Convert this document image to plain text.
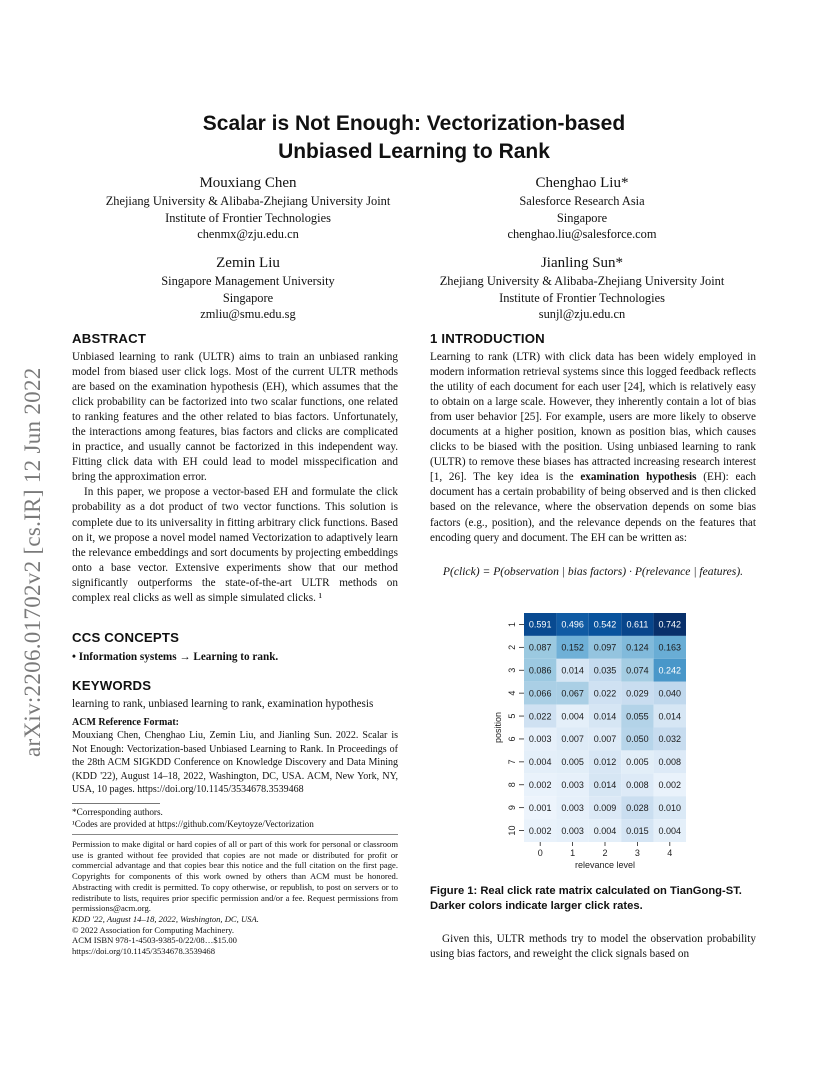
arXiv:2206.01702v2 [cs.IR] 12 Jun 2022
Scalar is Not Enough: Vectorization-based
Unbiased Learning to Rank
Mouxiang Chen
Zhejiang University & Alibaba-Zhejiang University Joint
Institute of Frontier Technologies
chenmx@zju.edu.cn
Chenghao Liu*
Salesforce Research Asia
Singapore
chenghao.liu@salesforce.com
Zemin Liu
Singapore Management University
Singapore
zmliu@smu.edu.sg
Jianling Sun*
Zhejiang University & Alibaba-Zhejiang University Joint
Institute of Frontier Technologies
sunjl@zju.edu.cn
ABSTRACT

Unbiased learning to rank (ULTR) aims to train an unbiased ranking model from biased user click logs. Most of the current ULTR methods are based on the examination hypothesis (EH), which assumes that the click probability can be factorized into two scalar functions, one related to ranking features and the other related to bias factors. Unfortunately, the interactions among features, bias factors and clicks are complicated in practice, and usually cannot be factorized in this independent way. Fitting click data with EH could lead to model misspecification and bring the approximation error.

In this paper, we propose a vector-based EH and formulate the click probability as a dot product of two vector functions. This solution is complete due to its universality in fitting arbitrary click functions. Based on it, we propose a novel model named Vectorization to adaptively learn the relevance embeddings and sort documents by projecting embeddings onto a base vector. Extensive experiments show that our method significantly outperforms the state-of-the-art ULTR methods on complex real clicks as well as simple simulated clicks. ¹

CCS CONCEPTS
• Information systems → Learning to rank.
KEYWORDS
learning to rank, unbiased learning to rank, examination hypothesis
ACM Reference Format:
Mouxiang Chen, Chenghao Liu, Zemin Liu, and Jianling Sun. 2022. Scalar is Not Enough: Vectorization-based Unbiased Learning to Rank. In Proceedings of the 28th ACM SIGKDD Conference on Knowledge Discovery and Data Mining (KDD '22), August 14–18, 2022, Washington, DC, USA. ACM, New York, NY, USA, 10 pages. https://doi.org/10.1145/3534678.3539468
*Corresponding authors.
¹Codes are provided at https://github.com/Keytoyze/Vectorization
Permission to make digital or hard copies of all or part of this work for personal or classroom use is granted without fee provided that copies are not made or distributed for profit or commercial advantage and that copies bear this notice and the full citation on the first page. Copyrights for components of this work owned by others than ACM must be honored. Abstracting with credit is permitted. To copy otherwise, or republish, to post on servers or to redistribute to lists, requires prior specific permission and/or a fee. Request permissions from permissions@acm.org.
KDD '22, August 14–18, 2022, Washington, DC, USA.
© 2022 Association for Computing Machinery.
ACM ISBN 978-1-4503-9385-0/22/08…$15.00
https://doi.org/10.1145/3534678.3539468
1 INTRODUCTION
Learning to rank (LTR) with click data has been widely employed in modern information retrieval systems since this logged feedback reflects the utility of each document for each user [24], which is relatively easy to obtain on a large scale. However, they inherently contain a lot of bias from user behavior [25]. For example, users are more likely to observe documents at a higher position, known as position bias, which causes clicks to be biased with the position. Using unbiased learning to rank (ULTR) to remove these biases has attracted increasing research interest [1, 26]. The key idea is the examination hypothesis (EH): each document has a certain probability of being observed and is then clicked based on the relevance, where the observation depends on some bias factors (e.g., position), and the relevance depends on the features that encoding query and document. The EH can be written as:
P(click) = P(observation | bias factors) · P(relevance | features).
0.591 0.496 0.542 0.611 0.742
0.087 0.152 0.097 0.124 0.163
0.086 0.014 0.035 0.074 0.242
0.066 0.067 0.022 0.029 0.040
0.022 0.004 0.014 0.055 0.014
0.003 0.007 0.007 0.050 0.032
0.004 0.005 0.012 0.005 0.008
0.002 0.003 0.014 0.008 0.002
0.001 0.003 0.009 0.028 0.010
0.002 0.003 0.004 0.015 0.004
1
2
3
4
5
6
7
8
9
10
0	1	2	3	4
relevance level
position
Figure 1: Real click rate matrix calculated on TianGong-ST. Darker colors indicate larger click rates.
Given this, ULTR methods try to model the observation probability using bias factors, and reweight the click signals based on
